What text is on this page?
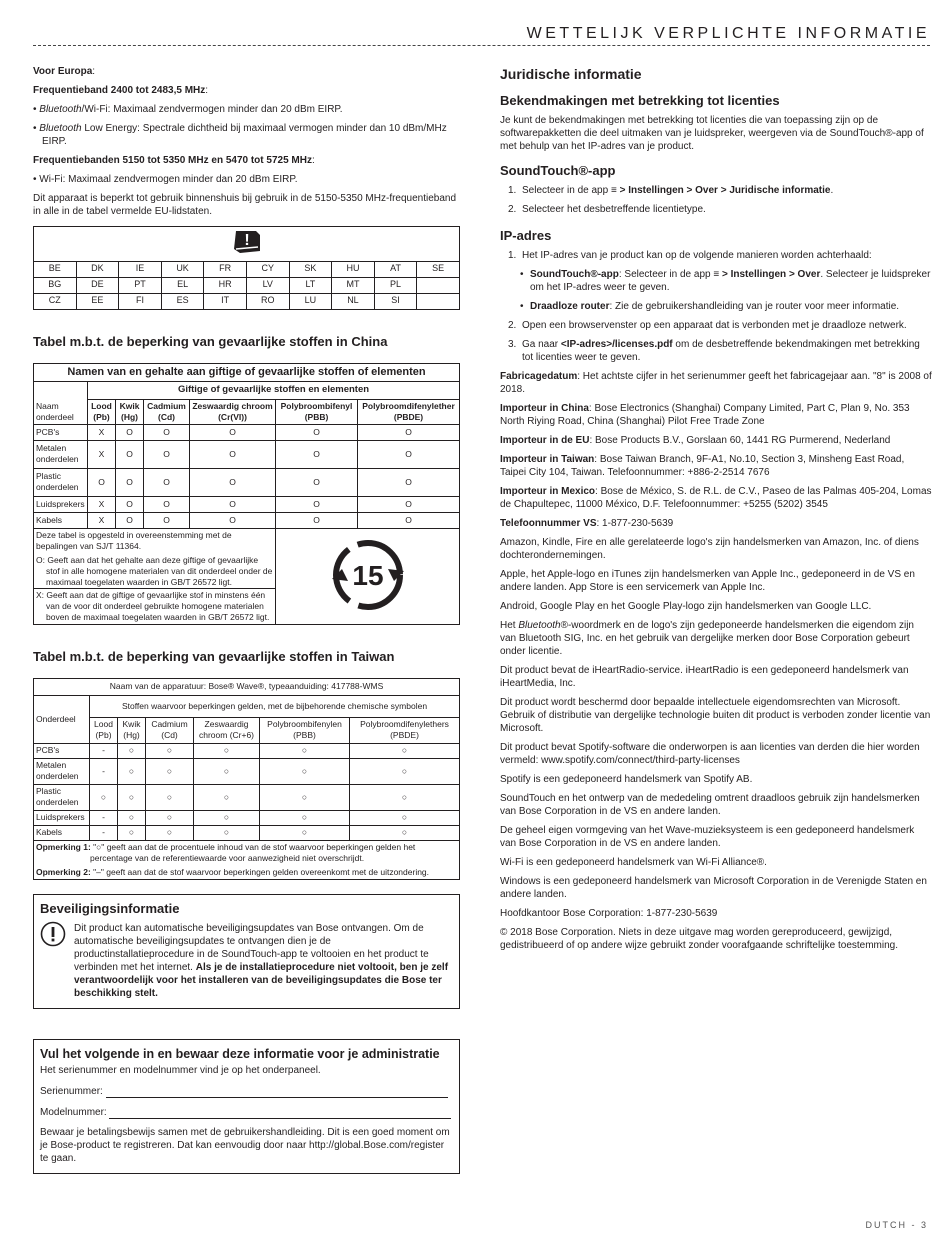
WETTELIJK VERPLICHTE INFORMATIE

Voor Europa:

Frequentieband 2400 tot 2483,5 MHz:

• Bluetooth/Wi-Fi: Maximaal zendvermogen minder dan 20 dBm EIRP.

• Bluetooth Low Energy: Spectrale dichtheid bij maximaal vermogen minder dan 10 dBm/MHz EIRP.

Frequentiebanden 5150 tot 5350 MHz en 5470 tot 5725 MHz:

• Wi-Fi: Maximaal zendvermogen minder dan 20 dBm EIRP.

Dit apparaat is beperkt tot gebruik binnenshuis bij gebruik in de 5150-5350 MHz-frequentieband in alle in de tabel vermelde EU-lidstaten.

!									

BE	DK	IE	UK	FR	CY	SK	HU	AT	SE
BG	DE	PT	EL	HR	LV	LT	MT	PL	
CZ	EE	FI	ES	IT	RO	LU	NL	SI	
Tabel m.b.t. de beperking van gevaarlijke stoffen in China
Namen van en gehalte aan giftige of gevaarlijke stoffen of elementen						
Naam onderdeel	Giftige of gevaarlijke stoffen en elementen					
	Lood (Pb)	Kwik (Hg)	Cadmium (Cd)	Zeswaardig chroom (Cr(VI))	Polybroombifenyl (PBB)	Polybroomdifenylether (PBDE)
PCB's	X	O	O	O	O	O
Metalen onderdelen	X	O	O	O	O	O
Plastic onderdelen	O	O	O	O	O	O
Luidsprekers	X	O	O	O	O	O
Kabels	X	O	O	O	O	O

Deze tabel is opgesteld in overeenstemming met de bepalingen van SJ/T 11364.
O: Geeft aan dat het gehalte aan deze giftige of gevaarlijke stof in alle homogene materialen van dit onderdeel onder de maximaal toegelaten waarden in GB/T 26572 ligt.					15	

X: Geeft aan dat de giftige of gevaarlijke stof in minstens één van de voor dit onderdeel gebruikte homogene materialen boven de maximaal toegelaten waarden in GB/T 26572 ligt.						
Tabel m.b.t. de beperking van gevaarlijke stoffen in Taiwan
Naam van de apparatuur: Bose® Wave®, typeaanduiding: 417788-WMS						
Onderdeel	Stoffen waarvoor beperkingen gelden, met de bijbehorende chemische symbolen					
	Lood (Pb)	Kwik (Hg)	Cadmium (Cd)	Zeswaardig chroom (Cr+6)	Polybroombifenylen (PBB)	Polybroomdifenylethers (PBDE)
PCB's	-	○	○	○	○	○
Metalen onderdelen	-	○	○	○	○	○
Plastic onderdelen	○	○	○	○	○	○
Luidsprekers	-	○	○	○	○	○
Kabels	-	○	○	○	○	○

Opmerking 1: "○" geeft aan dat de procentuele inhoud van de stof waarvoor beperkingen gelden het percentage van de referentiewaarde voor aanwezigheid niet overschrijdt.
Opmerking 2: "–" geeft aan dat de stof waarvoor beperkingen gelden overeenkomt met de uitzondering.						
Beveiligingsinformatie
Dit product kan automatische beveiligingsupdates van Bose ontvangen. Om de automatische beveiligingsupdates te ontvangen dien je de productinstallatieprocedure in de SoundTouch-app te voltooien en het product te verbinden met het internet. Als je de installatieprocedure niet voltooit, ben je zelf verantwoordelijk voor het installeren van de beveiligingsupdates die Bose ter beschikking stelt.
Vul het volgende in en bewaar deze informatie voor je administratie
Het serienummer en modelnummer vind je op het onderpaneel.
Serienummer:
Modelnummer:
Bewaar je betalingsbewijs samen met de gebruikershandleiding. Dit is een goed moment om je Bose-product te registreren. Dat kan eenvoudig door naar http://global.Bose.com/register te gaan.
Juridische informatie
Bekendmakingen met betrekking tot licenties

Je kunt de bekendmakingen met betrekking tot licenties die van toepassing zijn op de softwarepakketten die deel uitmaken van je luidspreker, weergeven via de SoundTouch®-app of met behulp van het IP-adres van je product.

SoundTouch®-app
1. Selecteer in de app ≡ > Instellingen > Over > Juridische informatie.
2. Selecteer het desbetreffende licentietype.
IP-adres
1. Het IP-adres van je product kan op de volgende manieren worden achterhaald:
• SoundTouch®-app: Selecteer in de app ≡ > Instellingen > Over. Selecteer je luidspreker om het IP-adres weer te geven.
• Draadloze router: Zie de gebruikershandleiding van je router voor meer informatie.
2. Open een browservenster op een apparaat dat is verbonden met je draadloze netwerk.
3. Ga naar <IP-adres>/licenses.pdf om de desbetreffende bekendmakingen met betrekking tot licenties weer te geven.

Fabricagedatum: Het achtste cijfer in het serienummer geeft het fabricagejaar aan. "8" is 2008 of 2018.

Importeur in China: Bose Electronics (Shanghai) Company Limited, Part C, Plan 9, No. 353 North Riying Road, China (Shanghai) Pilot Free Trade Zone

Importeur in de EU: Bose Products B.V., Gorslaan 60, 1441 RG Purmerend, Nederland

Importeur in Taiwan: Bose Taiwan Branch, 9F-A1, No.10, Section 3, Minsheng East Road, Taipei City 104, Taiwan. Telefoonnummer: +886-2-2514 7676

Importeur in Mexico: Bose de México, S. de R.L. de C.V., Paseo de las Palmas 405-204, Lomas de Chapultepec, 11000 México, D.F. Telefoonnummer: +5255 (5202) 3545

Telefoonnummer VS: 1-877-230-5639

Amazon, Kindle, Fire en alle gerelateerde logo's zijn handelsmerken van Amazon, Inc. of diens dochterondernemingen.

Apple, het Apple-logo en iTunes zijn handelsmerken van Apple Inc., gedeponeerd in de VS en andere landen. App Store is een servicemerk van Apple Inc.

Android, Google Play en het Google Play-logo zijn handelsmerken van Google LLC.

Het Bluetooth®-woordmerk en de logo's zijn gedeponeerde handelsmerken die eigendom zijn van Bluetooth SIG, Inc. en het gebruik van dergelijke merken door Bose Corporation gebeurt onder licentie.

Dit product bevat de iHeartRadio-service. iHeartRadio is een gedeponeerd handelsmerk van iHeartMedia, Inc.

Dit product wordt beschermd door bepaalde intellectuele eigendomsrechten van Microsoft. Gebruik of distributie van dergelijke technologie buiten dit product is verboden zonder licentie van Microsoft.

Dit product bevat Spotify-software die onderworpen is aan licenties van derden die hier worden vermeld: www.spotify.com/connect/third-party-licenses

Spotify is een gedeponeerd handelsmerk van Spotify AB.

SoundTouch en het ontwerp van de mededeling omtrent draadloos gebruik zijn handelsmerken van Bose Corporation in de VS en andere landen.

De geheel eigen vormgeving van het Wave-muzieksysteem is een gedeponeerd handelsmerk van Bose Corporation in de VS en andere landen.

Wi-Fi is een gedeponeerd handelsmerk van Wi-Fi Alliance®.

Windows is een gedeponeerd handelsmerk van Microsoft Corporation in de Verenigde Staten en andere landen.

Hoofdkantoor Bose Corporation: 1-877-230-5639

© 2018 Bose Corporation. Niets in deze uitgave mag worden gereproduceerd, gewijzigd, gedistribueerd of op andere wijze gebruikt zonder voorafgaande schriftelijke toestemming.

DUTCH - 3
